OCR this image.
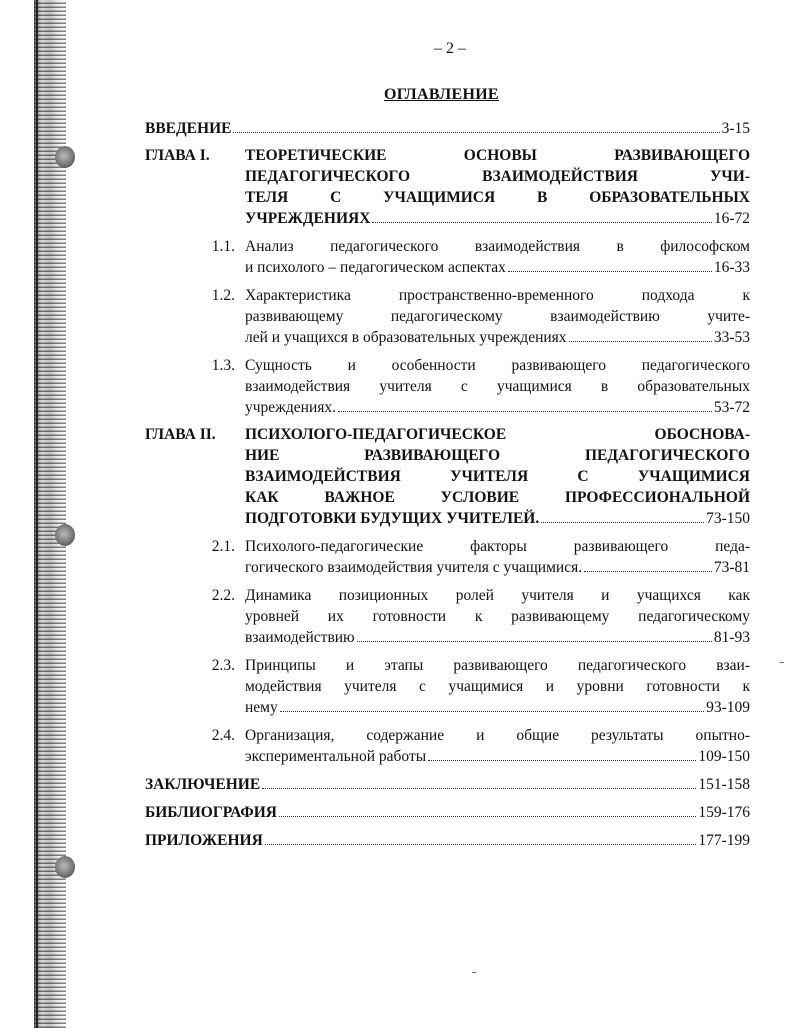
– 2 –
ОГЛАВЛЕНИЕ
ВВЕДЕНИЕ	3-15
ГЛАВА I.	ТЕОРЕТИЧЕСКИЕ ОСНОВЫ РАЗВИВАЮЩЕГО
ПЕДАГОГИЧЕСКОГО ВЗАИМОДЕЙСТВИЯ УЧИ-
ТЕЛЯ С УЧАЩИМИСЯ В ОБРАЗОВАТЕЛЬНЫХ
УЧРЕЖДЕНИЯХ	16-72
1.1. Анализ педагогического взаимодействия в философском
и психолого – педагогическом аспектах	16-33
1.2. Характеристика пространственно-временного подхода к
развивающему педагогическому взаимодействию учите-
лей и учащихся в образовательных учреждениях	33-53
1.3. Сущность и особенности развивающего педагогического
взаимодействия учителя с учащимися в образовательных
учреждениях.	53-72
ГЛАВА II.	ПСИХОЛОГО-ПЕДАГОГИЧЕСКОЕ ОБОСНОВА-
НИЕ РАЗВИВАЮЩЕГО ПЕДАГОГИЧЕСКОГО
ВЗАИМОДЕЙСТВИЯ УЧИТЕЛЯ С УЧАЩИМИСЯ
КАК ВАЖНОЕ УСЛОВИЕ ПРОФЕССИОНАЛЬНОЙ
ПОДГОТОВКИ БУДУЩИХ УЧИТЕЛЕЙ.	73-150
2.1. Психолого-педагогические факторы развивающего педа-
гогического взаимодействия учителя с учащимися.	73-81
2.2. Динамика позиционных ролей учителя и учащихся как
уровней их готовности к развивающему педагогическому
взаимодействию	81-93
2.3. Принципы и этапы развивающего педагогического взаи-
модействия учителя с учащимися и уровни готовности к
нему	93-109
2.4. Организация, содержание и общие результаты опытно-
экспериментальной работы	109-150
ЗАКЛЮЧЕНИЕ	151-158
БИБЛИОГРАФИЯ	159-176
ПРИЛОЖЕНИЯ	177-199
